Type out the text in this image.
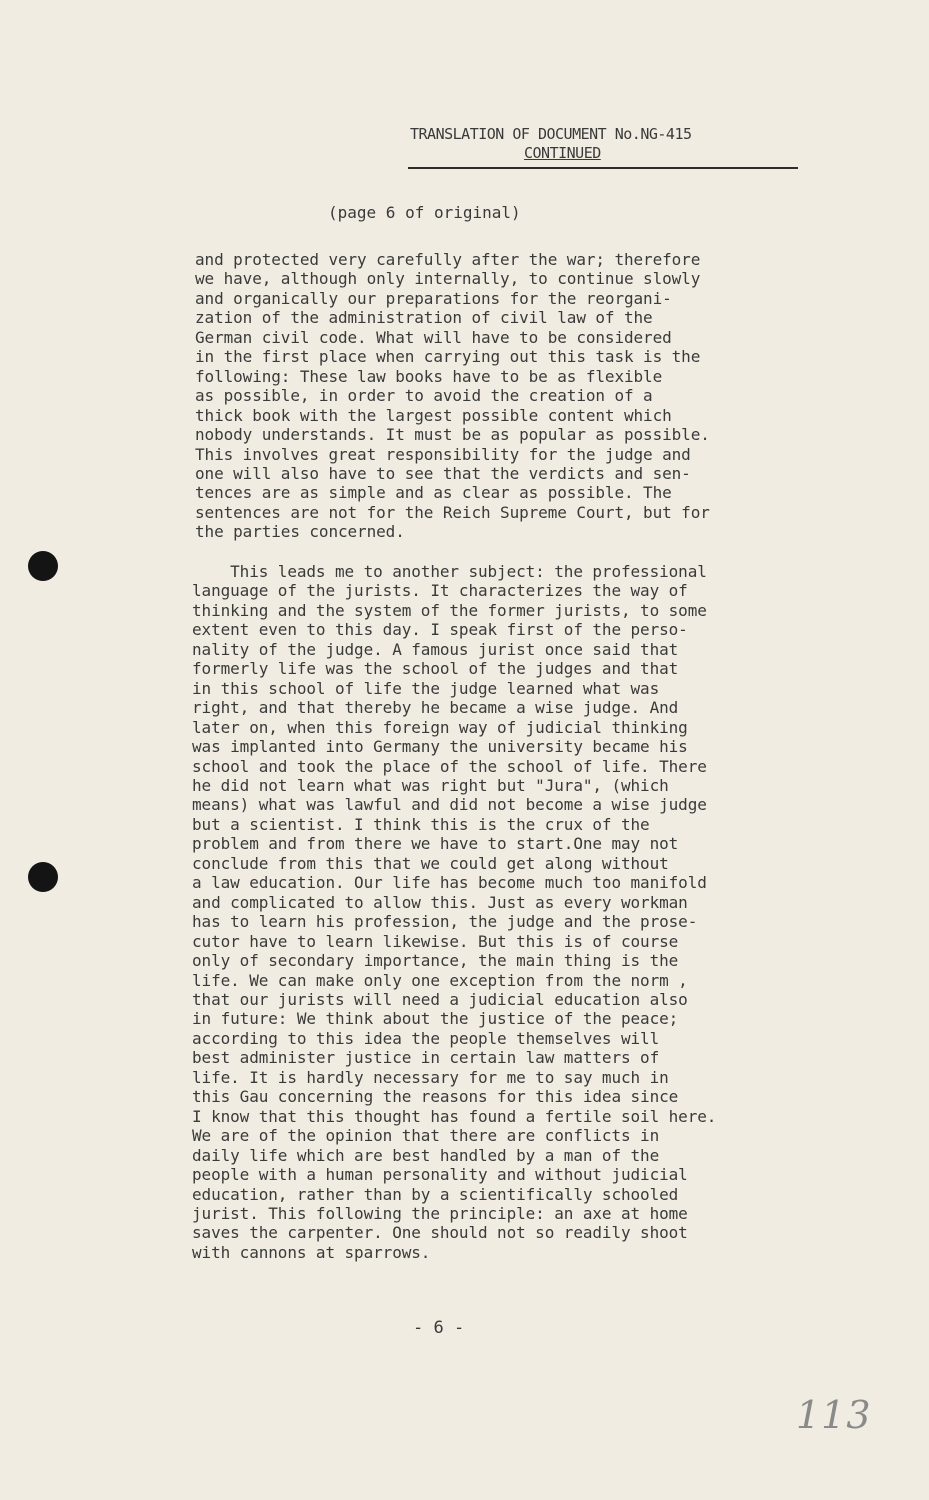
TRANSLATION OF DOCUMENT No.NG-415
CONTINUED
(page 6 of original)
and protected very carefully after the war; therefore
we have, although only internally, to continue slowly
and organically our preparations for the reorgani-
zation of the administration of civil law of the
German civil code. What will have to be considered
in the first place when carrying out this task is the
following: These law books have to be as flexible
as possible, in order to avoid the creation of a
thick book with the largest possible content which
nobody understands. It must be as popular as possible.
This involves great responsibility for the judge and
one will also have to see that the verdicts and sen-
tences are as simple and as clear as possible. The
sentences are not for the Reich Supreme Court, but for
the parties concerned.
This leads me to another subject: the professional
language of the jurists. It characterizes the way of
thinking and the system of the former jurists, to some
extent even to this day. I speak first of the perso-
nality of the judge. A famous jurist once said that
formerly life was the school of the judges and that
in this school of life the judge learned what was
right, and that thereby he became a wise judge. And
later on, when this foreign way of judicial thinking
was implanted into Germany the university became his
school and took the place of the school of life. There
he did not learn what was right but "Jura", (which
means) what was lawful and did not become a wise judge
but a scientist. I think this is the crux of the
problem and from there we have to start.One may not
conclude from this that we could get along without
a law education. Our life has become much too manifold
and complicated to allow this. Just as every workman
has to learn his profession, the judge and the prose-
cutor have to learn likewise. But this is of course
only of secondary importance, the main thing is the
life. We can make only one exception from the norm ,
that our jurists will need a judicial education also
in future: We think about the justice of the peace;
according to this idea the people themselves will
best administer justice in certain law matters of
life. It is hardly necessary for me to say much in
this Gau concerning the reasons for this idea since
I know that this thought has found a fertile soil here.
We are of the opinion that there are conflicts in
daily life which are best handled by a man of the
people with a human personality and without judicial
education, rather than by a scientifically schooled
jurist. This following the principle: an axe at home
saves the carpenter. One should not so readily shoot
with cannons at sparrows.
- 6 -
113
